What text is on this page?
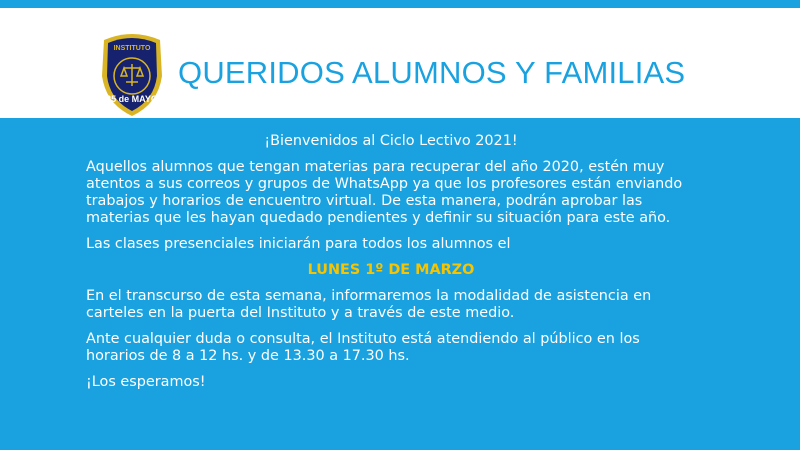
INSTITUTO
25 de MAYO
QUERIDOS ALUMNOS Y FAMILIAS

¡Bienvenidos al Ciclo Lectivo 2021!

Aquellos alumnos que tengan materias para recuperar del año 2020, estén muy atentos a sus correos y grupos de WhatsApp ya que los profesores están enviando trabajos y horarios de encuentro virtual. De esta manera, podrán aprobar las materias que les hayan quedado pendientes y definir su situación para este año.

Las clases presenciales iniciarán para todos los alumnos el

LUNES 1º DE MARZO

En el transcurso de esta semana, informaremos la modalidad de asistencia en carteles en la puerta del Instituto y a través de este medio.

Ante cualquier duda o consulta, el Instituto está atendiendo al público en los horarios de 8 a 12 hs. y de 13.30 a 17.30 hs.

¡Los esperamos!
